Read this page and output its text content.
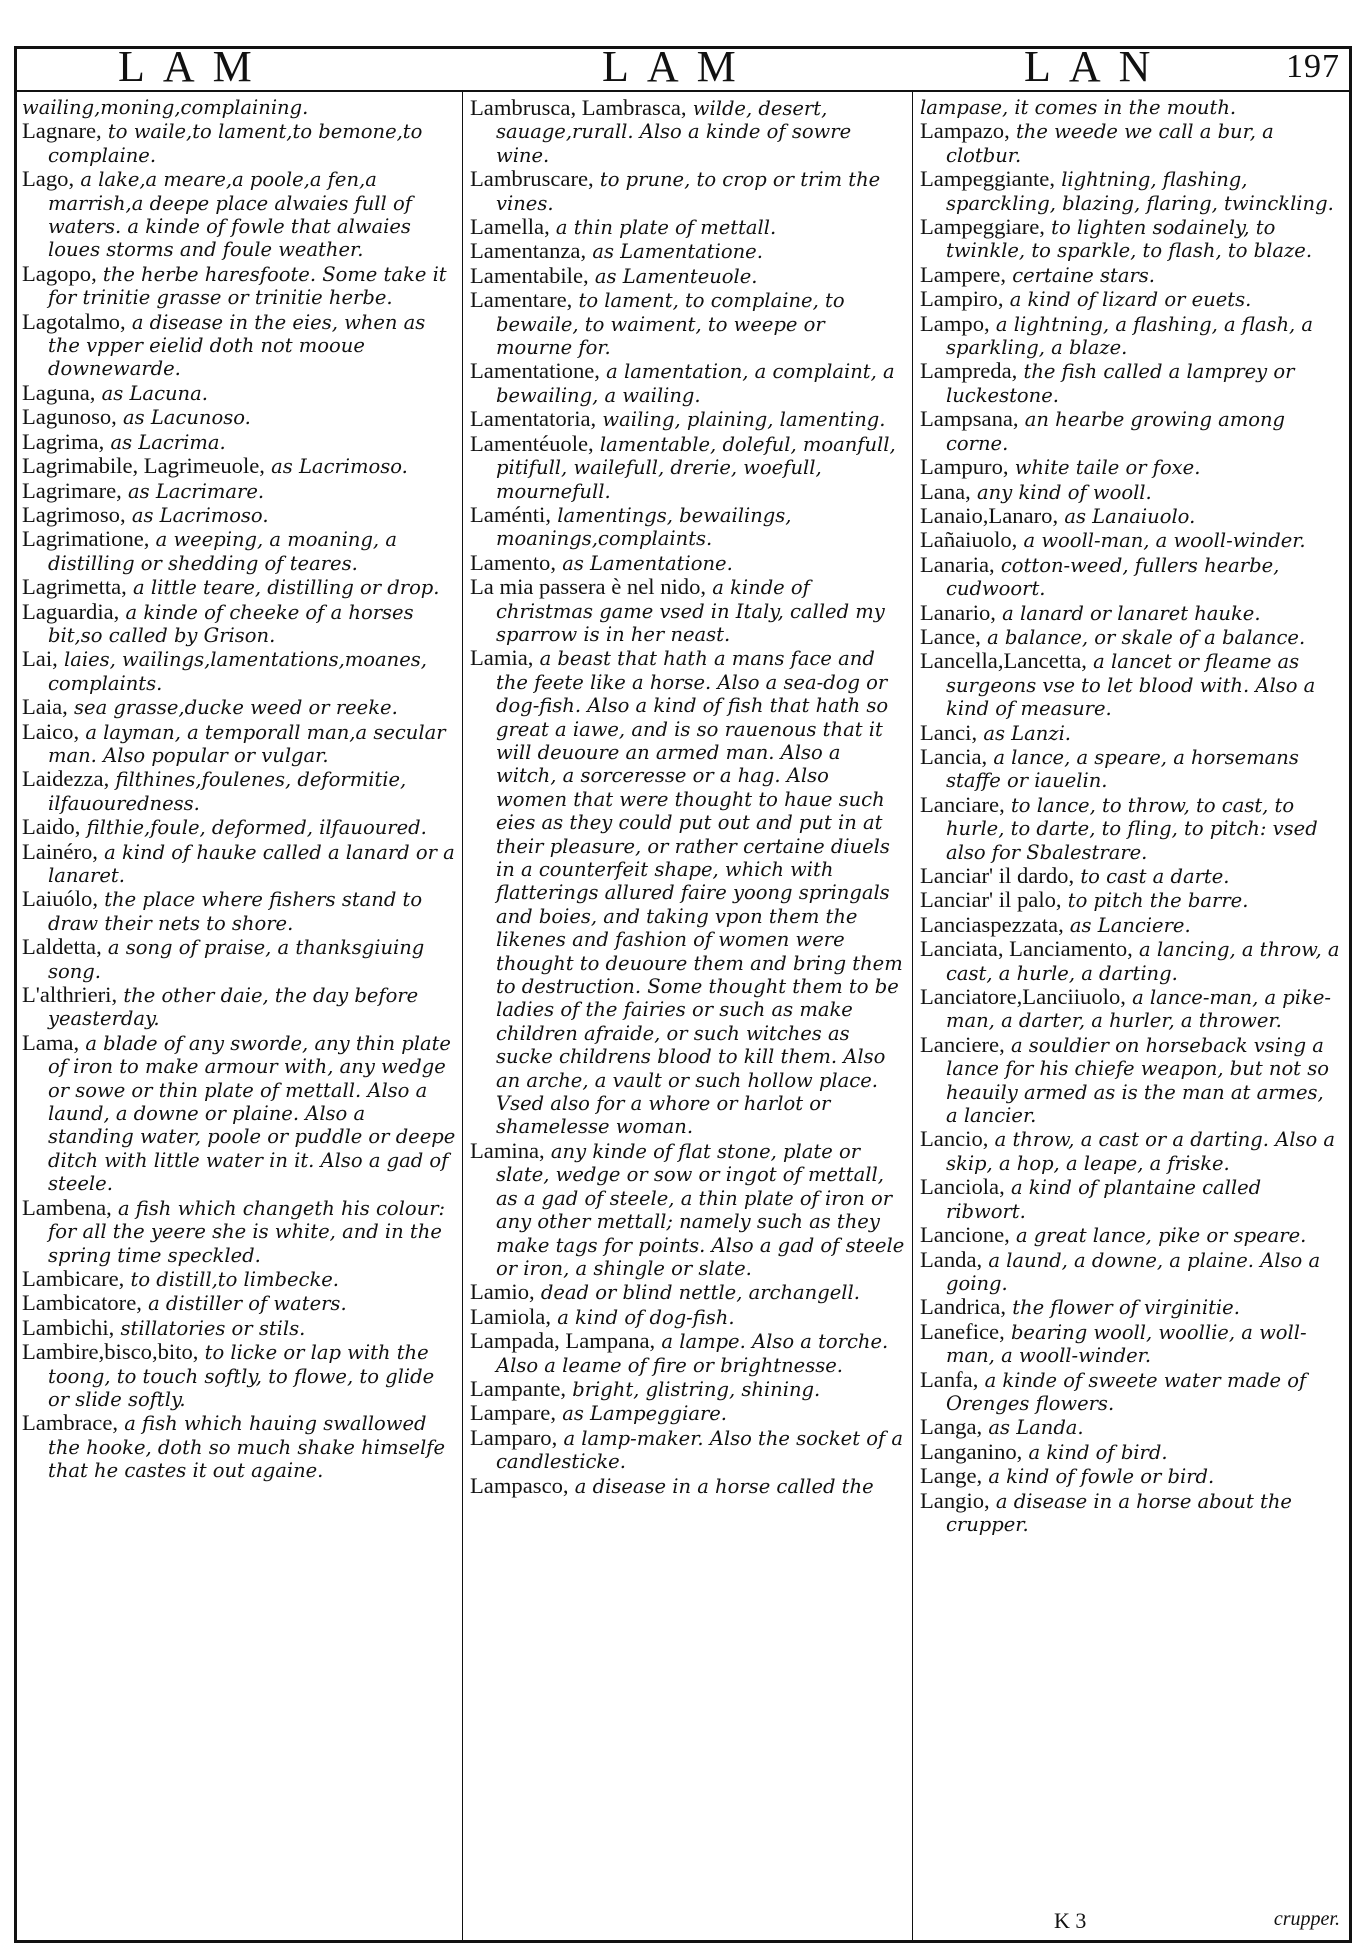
LAM	LAM	LAN	197

wailing,moning,complaining.

Lagnare, to waile,to lament,to bemone,to complaine.

Lago, a lake,a meare,a poole,a fen,a marrish,a deepe place alwaies full of waters. a kinde of fowle that alwaies loues storms and foule weather.

Lagopo, the herbe haresfoote. Some take it for trinitie grasse or trinitie herbe.

Lagotalmo, a disease in the eies, when as the vpper eielid doth not mooue downewarde.

Laguna, as Lacuna.

Lagunoso, as Lacunoso.

Lagrima, as Lacrima.

Lagrimabile, Lagrimeuole, as Lacrimoso.

Lagrimare, as Lacrimare.

Lagrimoso, as Lacrimoso.

Lagrimatione, a weeping, a moaning, a distilling or shedding of teares.

Lagrimetta, a little teare, distilling or drop.

Laguardia, a kinde of cheeke of a horses bit,so called by Grison.

Lai, laies, wailings,lamentations,moanes, complaints.

Laia, sea grasse,ducke weed or reeke.

Laico, a layman, a temporall man,a secular man. Also popular or vulgar.

Laidezza, filthines,foulenes, deformitie, ilfauouredness.

Laido, filthie,foule, deformed, ilfauoured.

Lainéro, a kind of hauke called a lanard or a lanaret.

Laiuólo, the place where fishers stand to draw their nets to shore.

Laldetta, a song of praise, a thanksgiuing song.

L'althrieri, the other daie, the day before yeasterday.

Lama, a blade of any sworde, any thin plate of iron to make armour with, any wedge or sowe or thin plate of mettall. Also a laund, a downe or plaine. Also a standing water, poole or puddle or deepe ditch with little water in it. Also a gad of steele.

Lambena, a fish which changeth his colour: for all the yeere she is white, and in the spring time speckled.

Lambicare, to distill,to limbecke.

Lambicatore, a distiller of waters.

Lambichi, stillatories or stils.

Lambire,bisco,bito, to licke or lap with the toong, to touch softly, to flowe, to glide or slide softly.

Lambrace, a fish which hauing swallowed the hooke, doth so much shake himselfe that he castes it out againe.

Lambrusca, Lambrasca, wilde, desert, sauage,rurall. Also a kinde of sowre wine.

Lambruscare, to prune, to crop or trim the vines.

Lamella, a thin plate of mettall.

Lamentanza, as Lamentatione.

Lamentabile, as Lamenteuole.

Lamentare, to lament, to complaine, to bewaile, to waiment, to weepe or mourne for.

Lamentatione, a lamentation, a complaint, a bewailing, a wailing.

Lamentatoria, wailing, plaining, lamenting.

Lamentéuole, lamentable, doleful, moanfull, pitifull, wailefull, drerie, woefull, mournefull.

Laménti, lamentings, bewailings, moanings,complaints.

Lamento, as Lamentatione.

La mia passera è nel nido, a kinde of christmas game vsed in Italy, called my sparrow is in her neast.

Lamia, a beast that hath a mans face and the feete like a horse. Also a sea-dog or dog-fish. Also a kind of fish that hath so great a iawe, and is so rauenous that it will deuoure an armed man. Also a witch, a sorceresse or a hag. Also women that were thought to haue such eies as they could put out and put in at their pleasure, or rather certaine diuels in a counterfeit shape, which with flatterings allured faire yoong springals and boies, and taking vpon them the likenes and fashion of women were thought to deuoure them and bring them to destruction. Some thought them to be ladies of the fairies or such as make children afraide, or such witches as sucke childrens blood to kill them. Also an arche, a vault or such hollow place. Vsed also for a whore or harlot or shamelesse woman.

Lamina, any kinde of flat stone, plate or slate, wedge or sow or ingot of mettall, as a gad of steele, a thin plate of iron or any other mettall; namely such as they make tags for points. Also a gad of steele or iron, a shingle or slate.

Lamio, dead or blind nettle, archangell.

Lamiola, a kind of dog-fish.

Lampada, Lampana, a lampe. Also a torche. Also a leame of fire or brightnesse.

Lampante, bright, glistring, shining.

Lampare, as Lampeggiare.

Lamparo, a lamp-maker. Also the socket of a candlesticke.

Lampasco, a disease in a horse called the

lampase, it comes in the mouth.

Lampazo, the weede we call a bur, a clotbur.

Lampeggiante, lightning, flashing, sparckling, blazing, flaring, twinckling.

Lampeggiare, to lighten sodainely, to twinkle, to sparkle, to flash, to blaze.

Lampere, certaine stars.

Lampiro, a kind of lizard or euets.

Lampo, a lightning, a flashing, a flash, a sparkling, a blaze.

Lampreda, the fish called a lamprey or luckestone.

Lampsana, an hearbe growing among corne.

Lampuro, white taile or foxe.

Lana, any kind of wooll.

Lanaio,Lanaro, as Lanaiuolo.

Lañaiuolo, a wooll-man, a wooll-winder.

Lanaria, cotton-weed, fullers hearbe, cudwoort.

Lanario, a lanard or lanaret hauke.

Lance, a balance, or skale of a balance.

Lancella,Lancetta, a lancet or fleame as surgeons vse to let blood with. Also a kind of measure.

Lanci, as Lanzi.

Lancia, a lance, a speare, a horsemans staffe or iauelin.

Lanciare, to lance, to throw, to cast, to hurle, to darte, to fling, to pitch: vsed also for Sbalestrare.

Lanciar' il dardo, to cast a darte.

Lanciar' il palo, to pitch the barre.

Lanciaspezzata, as Lanciere.

Lanciata, Lanciamento, a lancing, a throw, a cast, a hurle, a darting.

Lanciatore,Lanciiuolo, a lance-man, a pike-man, a darter, a hurler, a thrower.

Lanciere, a souldier on horseback vsing a lance for his chiefe weapon, but not so heauily armed as is the man at armes, a lancier.

Lancio, a throw, a cast or a darting. Also a skip, a hop, a leape, a friske.

Lanciola, a kind of plantaine called ribwort.

Lancione, a great lance, pike or speare.

Landa, a laund, a downe, a plaine. Also a going.

Landrica, the flower of virginitie.

Lanefice, bearing wooll, woollie, a woll-man, a wooll-winder.

Lanfa, a kinde of sweete water made of Orenges flowers.

Langa, as Landa.

Langanino, a kind of bird.

Lange, a kind of fowle or bird.

Langio, a disease in a horse about the crupper.

K 3	crupper.
